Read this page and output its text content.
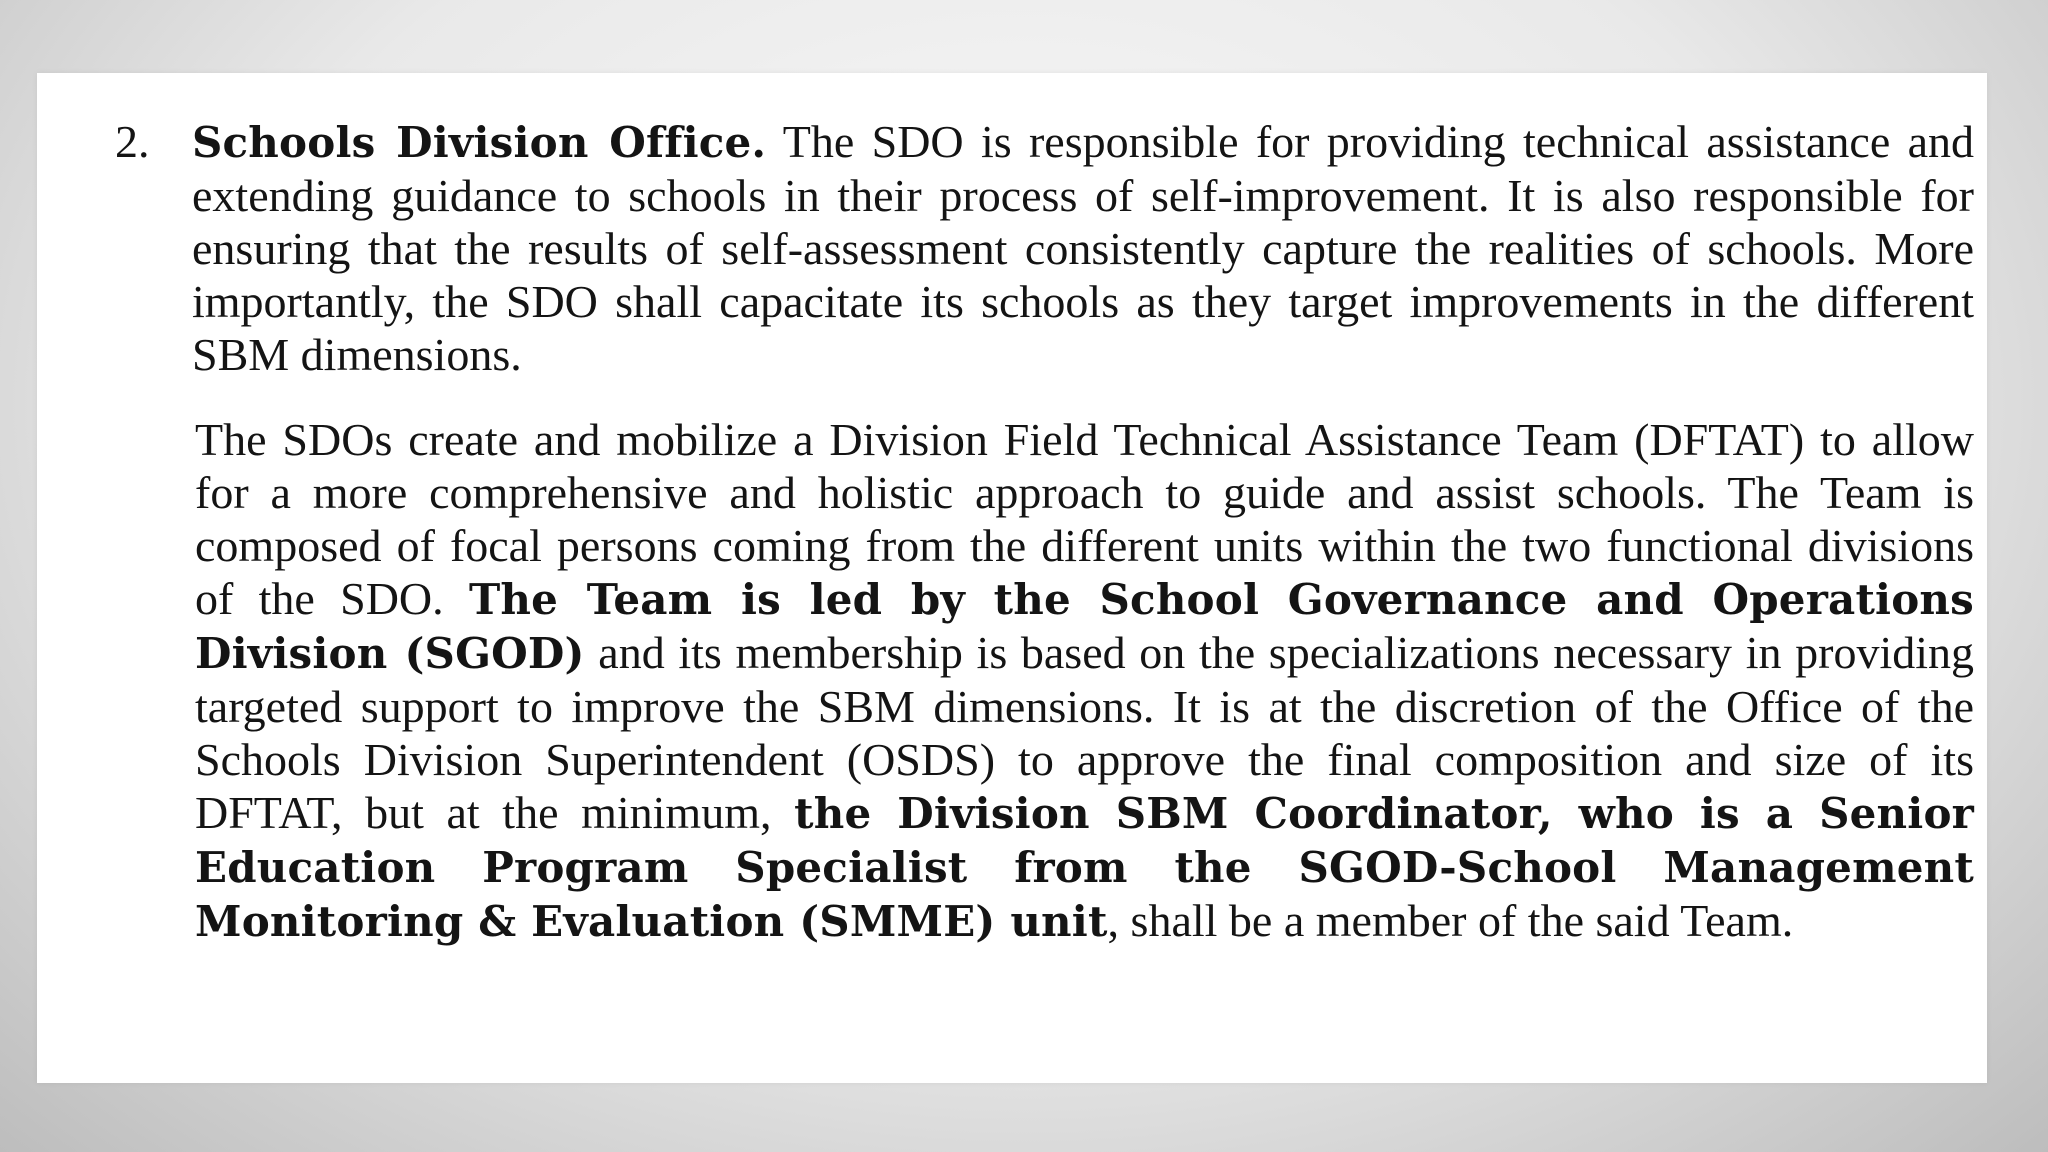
2. Schools Division Office. The SDO is responsible for providing technical assistance and extending guidance to schools in their process of self-improvement. It is also responsible for ensuring that the results of self-assessment consistently capture the realities of schools. More importantly, the SDO shall capacitate its schools as they target improvements in the different SBM dimensions.

The SDOs create and mobilize a Division Field Technical Assistance Team (DFTAT) to allow for a more comprehensive and holistic approach to guide and assist schools. The Team is composed of focal persons coming from the different units within the two functional divisions of the SDO. The Team is led by the School Governance and Operations Division (SGOD) and its membership is based on the specializations necessary in providing targeted support to improve the SBM dimensions. It is at the discretion of the Office of the Schools Division Superintendent (OSDS) to approve the final composition and size of its DFTAT, but at the minimum, the Division SBM Coordinator, who is a Senior Education Program Specialist from the SGOD-School Management Monitoring & Evaluation (SMME) unit, shall be a member of the said Team.
